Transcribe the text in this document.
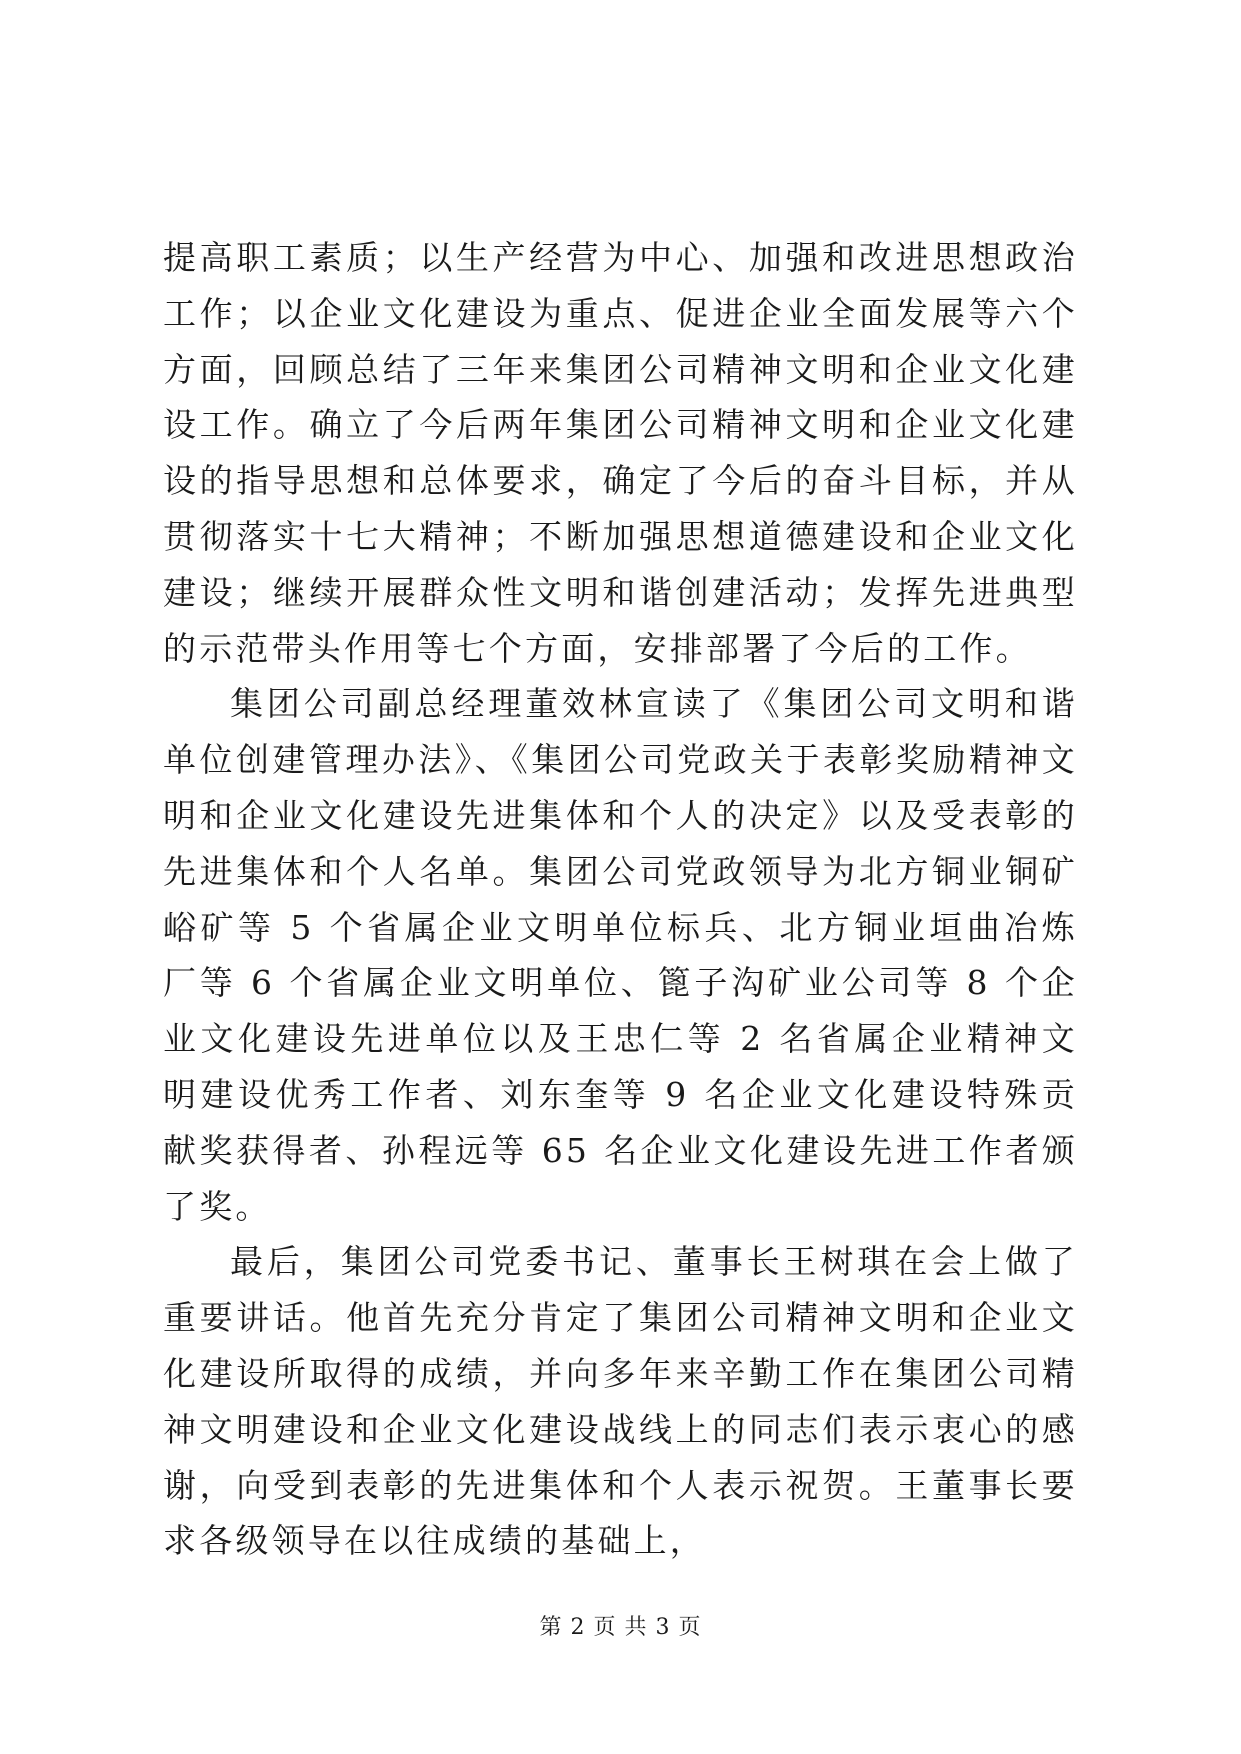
提高职工素质；以生产经营为中心、加强和改进思想政治工作；以企业文化建设为重点、促进企业全面发展等六个方面，回顾总结了三年来集团公司精神文明和企业文化建设工作。确立了今后两年集团公司精神文明和企业文化建设的指导思想和总体要求，确定了今后的奋斗目标，并从贯彻落实十七大精神；不断加强思想道德建设和企业文化建设；继续开展群众性文明和谐创建活动；发挥先进典型的示范带头作用等七个方面，安排部署了今后的工作。

集团公司副总经理董效林宣读了《集团公司文明和谐单位创建管理办法》、《集团公司党政关于表彰奖励精神文明和企业文化建设先进集体和个人的决定》以及受表彰的先进集体和个人名单。集团公司党政领导为北方铜业铜矿峪矿等 5 个省属企业文明单位标兵、北方铜业垣曲冶炼厂等 6 个省属企业文明单位、篦子沟矿业公司等 8 个企业文化建设先进单位以及王忠仁等 2 名省属企业精神文明建设优秀工作者、刘东奎等 9 名企业文化建设特殊贡献奖获得者、孙程远等 65 名企业文化建设先进工作者颁了奖。

最后，集团公司党委书记、董事长王树琪在会上做了重要讲话。他首先充分肯定了集团公司精神文明和企业文化建设所取得的成绩，并向多年来辛勤工作在集团公司精神文明建设和企业文化建设战线上的同志们表示衷心的感谢，向受到表彰的先进集体和个人表示祝贺。王董事长要求各级领导在以往成绩的基础上，

第 2 页 共 3 页
